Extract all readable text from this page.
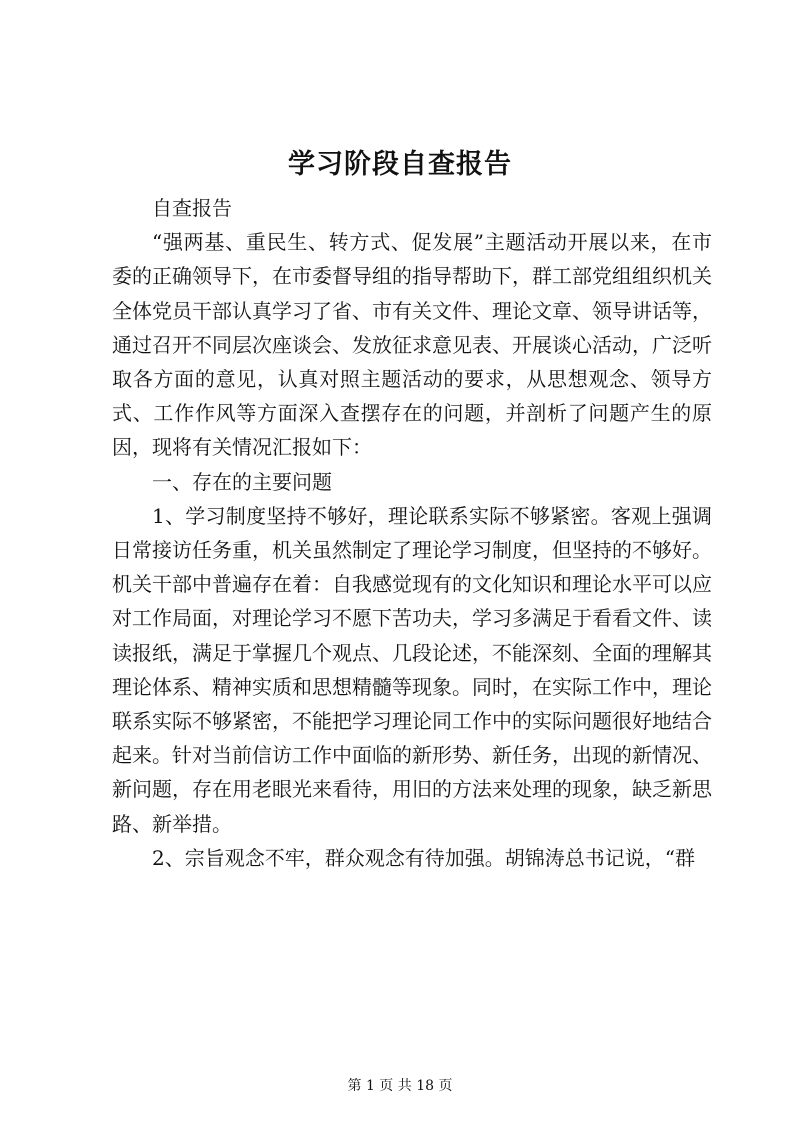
学习阶段自查报告

自查报告

“强两基、重民生、转方式、促发展”主题活动开展以来，在市委的正确领导下，在市委督导组的指导帮助下，群工部党组组织机关全体党员干部认真学习了省、市有关文件、理论文章、领导讲话等，通过召开不同层次座谈会、发放征求意见表、开展谈心活动，广泛听取各方面的意见，认真对照主题活动的要求，从思想观念、领导方式、工作作风等方面深入查摆存在的问题，并剖析了问题产生的原因，现将有关情况汇报如下：

一、存在的主要问题

1、学习制度坚持不够好，理论联系实际不够紧密。客观上强调日常接访任务重，机关虽然制定了理论学习制度，但坚持的不够好。机关干部中普遍存在着：自我感觉现有的文化知识和理论水平可以应对工作局面，对理论学习不愿下苦功夫，学习多满足于看看文件、读读报纸，满足于掌握几个观点、几段论述，不能深刻、全面的理解其理论体系、精神实质和思想精髓等现象。同时，在实际工作中，理论联系实际不够紧密，不能把学习理论同工作中的实际问题很好地结合起来。针对当前信访工作中面临的新形势、新任务，出现的新情况、新问题，存在用老眼光来看待，用旧的方法来处理的现象，缺乏新思路、新举措。

2、宗旨观念不牢，群众观念有待加强。胡锦涛总书记说，“群

第 1 页 共 18 页
